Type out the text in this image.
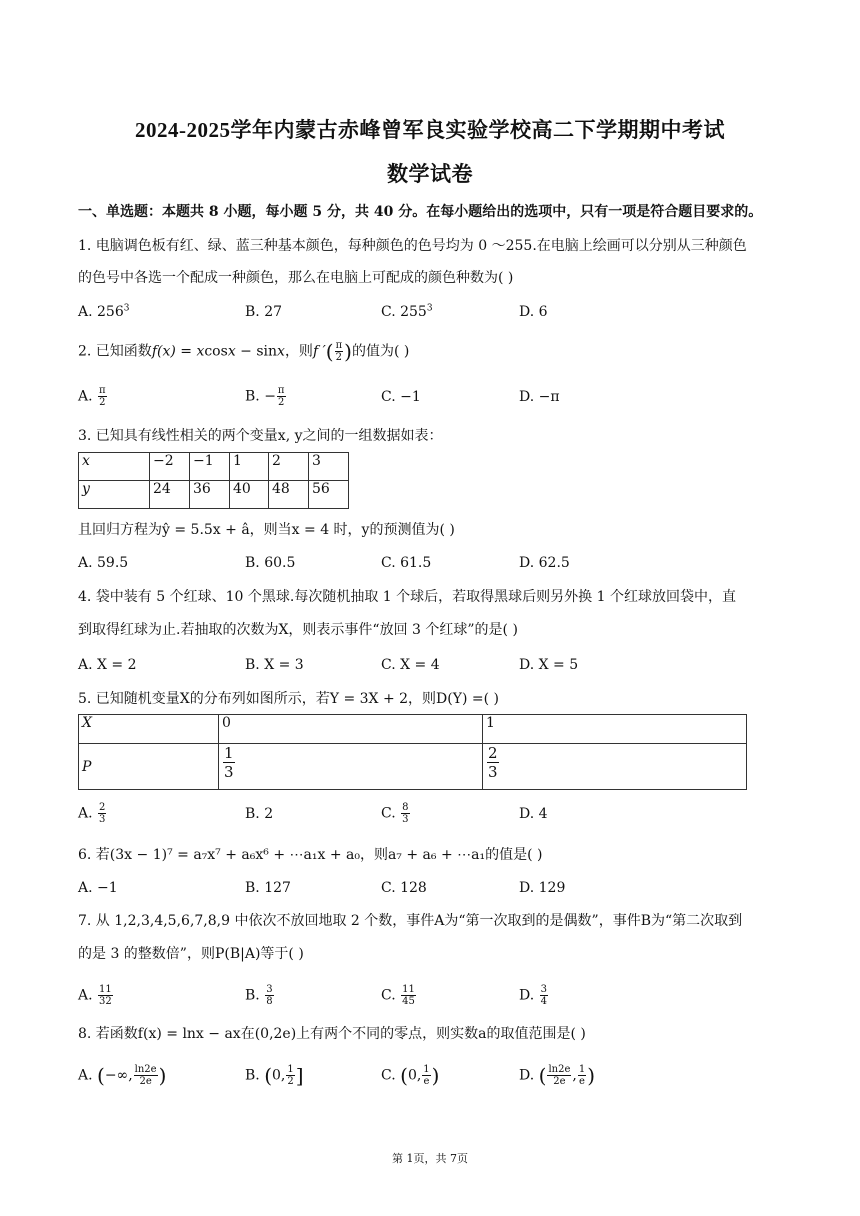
2024-2025学年内蒙古赤峰曾军良实验学校高二下学期期中考试
数学试卷
一、单选题：本题共 8 小题，每小题 5 分，共 40 分。在每小题给出的选项中，只有一项是符合题目要求的。
1. 电脑调色板有红、绿、蓝三种基本颜色，每种颜色的色号均为 0 ～255.在电脑上绘画可以分别从三种颜色
的色号中各选一个配成一种颜色，那么在电脑上可配成的颜色种数为( )
A. $256^3$	B. 27	C. $255^3$	D. 6
2. 已知函数f(x) = xcosx − sinx，则f ′( $\frac{\pi}{2}$ )的值为( )
A. $\frac{\pi}{2}$	B. − $\frac{\pi}{2}$	C. −1	D. −π
3. 已知具有线性相关的两个变量x, y之间的一组数据如表：
x	−2	−1	1	2	3
y	24	36	40	48	56
且回归方程为ŷ = 5.5x + â，则当x = 4 时，y的预测值为( )
A. 59.5	B. 60.5	C. 61.5	D. 62.5
4. 袋中装有 5 个红球、10 个黑球.每次随机抽取 1 个球后，若取得黑球后则另外换 1 个红球放回袋中，直
到取得红球为止.若抽取的次数为X，则表示事件“放回 3 个红球”的是( )
A. X = 2	B. X = 3	C. X = 4	D. X = 5
5. 已知随机变量X的分布列如图所示，若Y = 3X + 2，则D(Y) =( )
X	0	1
P	$\frac{1}{3}$	$\frac{2}{3}$
A. $\frac{2}{3}$	B. 2	C. $\frac{8}{3}$	D. 4
6. 若(3x − 1)⁷ = a₇x⁷ + a₆x⁶ + ⋯a₁x + a₀，则a₇ + a₆ + ⋯a₁的值是( )
A. −1	B. 127	C. 128	D. 129
7. 从 1,2,3,4,5,6,7,8,9 中依次不放回地取 2 个数，事件A为“第一次取到的是偶数”，事件B为“第二次取到
的是 3 的整数倍”，则P(B|A)等于( )
A. $\frac{11}{32}$	B. $\frac{3}{8}$	C. $\frac{11}{45}$	D. $\frac{3}{4}$
8. 若函数f(x) = lnx − ax在(0,2e)上有两个不同的零点，则实数a的取值范围是( )
A. (−∞, $\frac{\ln 2e}{2e}$ )	B. (0, $\frac{1}{2}$ ]	C. (0, $\frac{1}{e}$ )	D. ( $\frac{\ln 2e}{2e}$ , $\frac{1}{e}$ )
第 1页，共 7页
